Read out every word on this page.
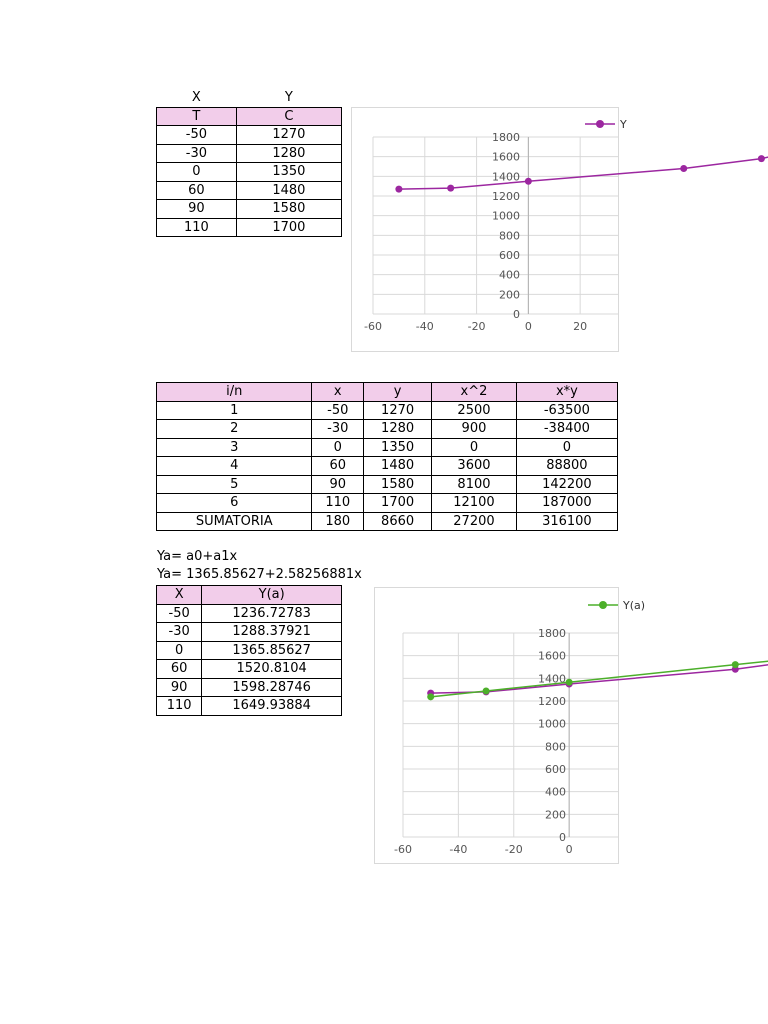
X	Y
T	C
-50	1270
-30	1280
0	1350
60	1480
90	1580
110	1700
0
200
400
600
800
1000
1200
1400
1600
1800
-60	-40	-20	0	20
Y
i/n	x	y	x^2	x*y
1	-50	1270	2500	-63500
2	-30	1280	900	-38400
3	0	1350	0	0
4	60	1480	3600	88800
5	90	1580	8100	142200
6	110	1700	12100	187000
SUMATORIA	180	8660	27200	316100
Ya= a0+a1x
Ya= 1365.85627+2.58256881x
X	Y(a)
-50	1236.72783
-30	1288.37921
0	1365.85627
60	1520.8104
90	1598.28746
110	1649.93884
0
200
400
600
800
1000
1200
1400
1600
1800
-60	-40	-20	0
Y(a)
